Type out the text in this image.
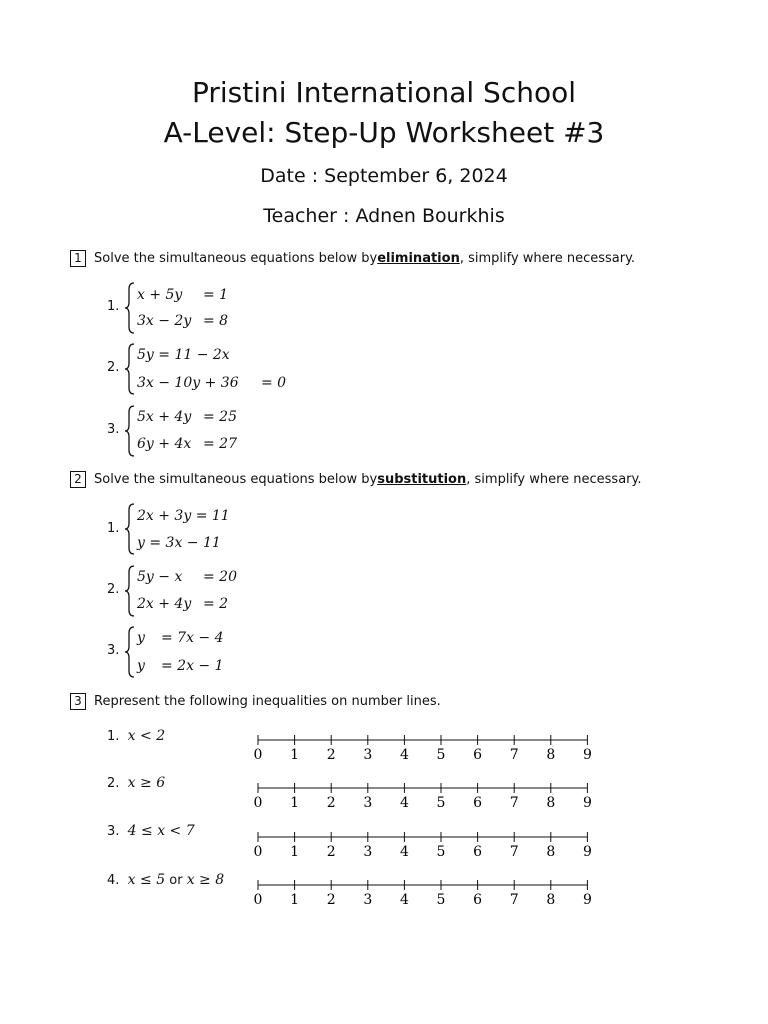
Pristini International School
A-Level: Step-Up Worksheet #3
Date : September 6, 2024
Teacher : Adnen Bourkhis
1 Solve the simultaneous equations below by elimination , simplify where necessary.
1.
x + 5y = 1
3x − 2y = 8
2.
5y = 11 − 2x
3x − 10y + 36 = 0
3.
5x + 4y = 25
6y + 4x = 27
2 Solve the simultaneous equations below by substitution , simplify where necessary.
1.
2x + 3y = 11
y = 3x − 11
2.
5y − x = 20
2x + 4y = 2
3.
y = 7x − 4
y = 2x − 1
3 Represent the following inequalities on number lines.
1. x < 2
0 1 2 3 4 5 6 7 8 9
2. x ≥ 6
0 1 2 3 4 5 6 7 8 9
3. 4 ≤ x < 7
0 1 2 3 4 5 6 7 8 9
4. x ≤ 5 or x ≥ 8
0 1 2 3 4 5 6 7 8 9
